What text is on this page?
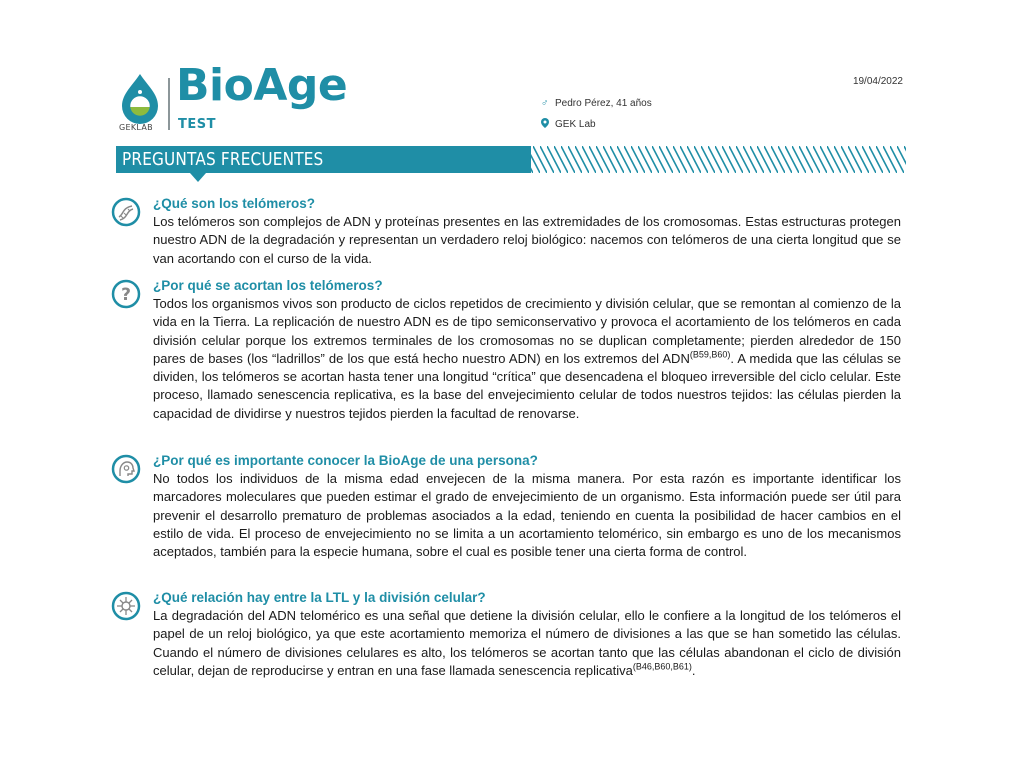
GEKLAB
BioAge
TEST
♂ Pedro Pérez, 41 años
GEK Lab
19/04/2022
PREGUNTAS FRECUENTES
¿Qué son los telómeros?
Los telómeros son complejos de ADN y proteínas presentes en las extremidades de los cromosomas. Estas estructuras protegen nuestro ADN de la degradación y representan un verdadero reloj biológico: nacemos con telómeros de una cierta longitud que se van acortando con el curso de la vida.
? ¿Por qué se acortan los telómeros?
Todos los organismos vivos son producto de ciclos repetidos de crecimiento y división celular, que se remontan al comienzo de la vida en la Tierra. La replicación de nuestro ADN es de tipo semiconservativo y provoca el acortamiento de los telómeros en cada división celular porque los extremos terminales de los cromosomas no se duplican completamente; pierden alrededor de 150 pares de bases (los “ladrillos” de los que está hecho nuestro ADN) en los extremos del $ADN^{(B59,B60)}$. A medida que las células se dividen, los telómeros se acortan hasta tener una longitud “crítica” que desencadena el bloqueo irreversible del ciclo celular. Este proceso, llamado senescencia replicativa, es la base del envejecimiento celular de todos nuestros tejidos: las células pierden la capacidad de dividirse y nuestros tejidos pierden la facultad de renovarse.
¿Por qué es importante conocer la BioAge de una persona?
No todos los individuos de la misma edad envejecen de la misma manera. Por esta razón es importante identificar los marcadores moleculares que pueden estimar el grado de envejecimiento de un organismo. Esta información puede ser útil para prevenir el desarrollo prematuro de problemas asociados a la edad, teniendo en cuenta la posibilidad de hacer cambios en el estilo de vida. El proceso de envejecimiento no se limita a un acortamiento telomérico, sin embargo es uno de los mecanismos aceptados, también para la especie humana, sobre el cual es posible tener una cierta forma de control.
¿Qué relación hay entre la LTL y la división celular?
La degradación del ADN telomérico es una señal que detiene la división celular, ello le confiere a la longitud de los telómeros el papel de un reloj biológico, ya que este acortamiento memoriza el número de divisiones a las que se han sometido las células. Cuando el número de divisiones celulares es alto, los telómeros se acortan tanto que las células abandonan el ciclo de división celular, dejan de reproducirse y entran en una fase llamada senescencia replicativa$^{(B46,B60,B61)}$.
